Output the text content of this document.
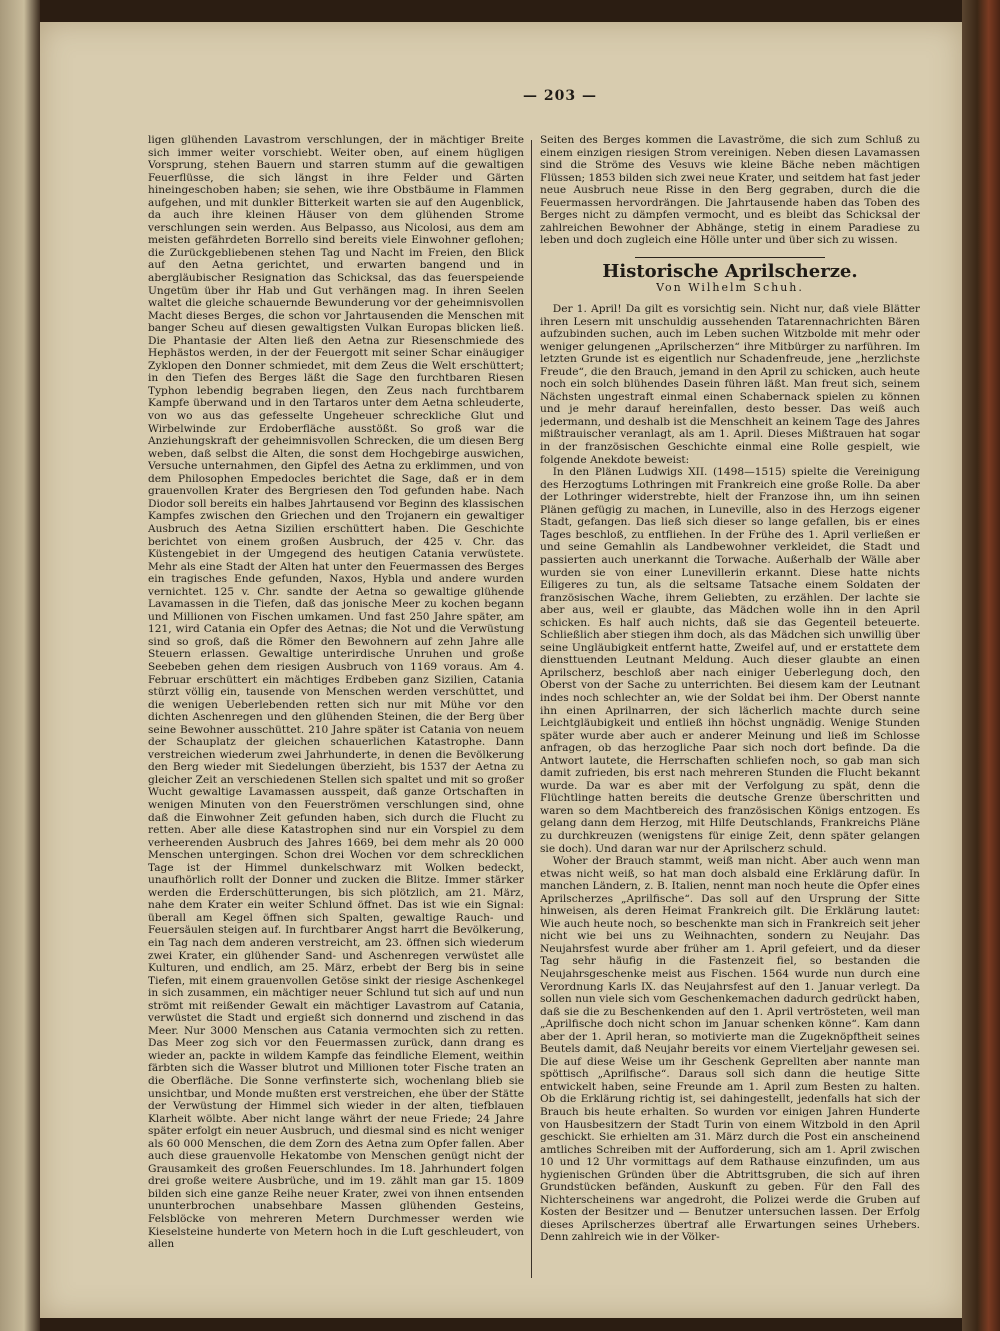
— 203 —

ligen glühenden Lavastrom verschlungen, der in mächtiger Breite sich immer weiter vorschiebt. Weiter oben, auf einem hügligen Vorsprung, stehen Bauern und starren stumm auf die gewaltigen Feuerflüsse, die sich längst in ihre Felder und Gärten hineingeschoben haben; sie sehen, wie ihre Obstbäume in Flammen aufgehen, und mit dunkler Bitterkeit warten sie auf den Augenblick, da auch ihre kleinen Häuser von dem glühenden Strome verschlungen sein werden. Aus Belpasso, aus Nicolosi, aus dem am meisten gefährdeten Borrello sind bereits viele Einwohner geflohen; die Zurückgebliebenen stehen Tag und Nacht im Freien, den Blick auf den Aetna gerichtet, und erwarten bangend und in abergläubischer Resignation das Schicksal, das das feuerspeiende Ungetüm über ihr Hab und Gut verhängen mag. In ihren Seelen waltet die gleiche schauernde Bewunderung vor der geheimnisvollen Macht dieses Berges, die schon vor Jahrtausenden die Menschen mit banger Scheu auf diesen gewaltigsten Vulkan Europas blicken ließ. Die Phantasie der Alten ließ den Aetna zur Riesenschmiede des Hephästos werden, in der der Feuergott mit seiner Schar einäugiger Zyklopen den Donner schmiedet, mit dem Zeus die Welt erschüttert; in den Tiefen des Berges läßt die Sage den furchtbaren Riesen Typhon lebendig begraben liegen, den Zeus nach furchtbarem Kampfe überwand und in den Tartaros unter dem Aetna schleuderte, von wo aus das gefesselte Ungeheuer schreckliche Glut und Wirbelwinde zur Erdoberfläche ausstößt. So groß war die Anziehungskraft der geheimnisvollen Schrecken, die um diesen Berg weben, daß selbst die Alten, die sonst dem Hochgebirge auswichen, Versuche unternahmen, den Gipfel des Aetna zu erklimmen, und von dem Philosophen Empedocles berichtet die Sage, daß er in dem grauenvollen Krater des Bergriesen den Tod gefunden habe. Nach Diodor soll bereits ein halbes Jahrtausend vor Beginn des klassischen Kampfes zwischen den Griechen und den Trojanern ein gewaltiger Ausbruch des Aetna Sizilien erschüttert haben. Die Geschichte berichtet von einem großen Ausbruch, der 425 v. Chr. das Küstengebiet in der Umgegend des heutigen Catania verwüstete. Mehr als eine Stadt der Alten hat unter den Feuermassen des Berges ein tragisches Ende gefunden, Naxos, Hybla und andere wurden vernichtet. 125 v. Chr. sandte der Aetna so gewaltige glühende Lavamassen in die Tiefen, daß das jonische Meer zu kochen begann und Millionen von Fischen umkamen. Und fast 250 Jahre später, am 121, wird Catania ein Opfer des Aetnas; die Not und die Verwüstung sind so groß, daß die Römer den Bewohnern auf zehn Jahre alle Steuern erlassen. Gewaltige unterirdische Unruhen und große Seebeben gehen dem riesigen Ausbruch von 1169 voraus. Am 4. Februar erschüttert ein mächtiges Erdbeben ganz Sizilien, Catania stürzt völlig ein, tausende von Menschen werden verschüttet, und die wenigen Ueberlebenden retten sich nur mit Mühe vor den dichten Aschenregen und den glühenden Steinen, die der Berg über seine Bewohner ausschüttet. 210 Jahre später ist Catania von neuem der Schauplatz der gleichen schauerlichen Katastrophe. Dann verstreichen wiederum zwei Jahrhunderte, in denen die Bevölkerung den Berg wieder mit Siedelungen überzieht, bis 1537 der Aetna zu gleicher Zeit an verschiedenen Stellen sich spaltet und mit so großer Wucht gewaltige Lavamassen ausspeit, daß ganze Ortschaften in wenigen Minuten von den Feuerströmen verschlungen sind, ohne daß die Einwohner Zeit gefunden haben, sich durch die Flucht zu retten. Aber alle diese Katastrophen sind nur ein Vorspiel zu dem verheerenden Ausbruch des Jahres 1669, bei dem mehr als 20 000 Menschen untergingen. Schon drei Wochen vor dem schrecklichen Tage ist der Himmel dunkelschwarz mit Wolken bedeckt, unaufhörlich rollt der Donner und zucken die Blitze. Immer stärker werden die Erderschütterungen, bis sich plötzlich, am 21. März, nahe dem Krater ein weiter Schlund öffnet. Das ist wie ein Signal: überall am Kegel öffnen sich Spalten, gewaltige Rauch- und Feuersäulen steigen auf. In furchtbarer Angst harrt die Bevölkerung, ein Tag nach dem anderen verstreicht, am 23. öffnen sich wiederum zwei Krater, ein glühender Sand- und Aschenregen verwüstet alle Kulturen, und endlich, am 25. März, erbebt der Berg bis in seine Tiefen, mit einem grauenvollen Getöse sinkt der riesige Aschenkegel in sich zusammen, ein mächtiger neuer Schlund tut sich auf und nun strömt mit reißender Gewalt ein mächtiger Lavastrom auf Catania, verwüstet die Stadt und ergießt sich donnernd und zischend in das Meer. Nur 3000 Menschen aus Catania vermochten sich zu retten. Das Meer zog sich vor den Feuermassen zurück, dann drang es wieder an, packte in wildem Kampfe das feindliche Element, weithin färbten sich die Wasser blutrot und Millionen toter Fische traten an die Oberfläche. Die Sonne verfinsterte sich, wochenlang blieb sie unsichtbar, und Monde mußten erst verstreichen, ehe über der Stätte der Verwüstung der Himmel sich wieder in der alten, tiefblauen Klarheit wölbte. Aber nicht lange währt der neue Friede; 24 Jahre später erfolgt ein neuer Ausbruch, und diesmal sind es nicht weniger als 60 000 Menschen, die dem Zorn des Aetna zum Opfer fallen. Aber auch diese grauenvolle Hekatombe von Menschen genügt nicht der Grausamkeit des großen Feuerschlundes. Im 18. Jahrhundert folgen drei große weitere Ausbrüche, und im 19. zählt man gar 15. 1809 bilden sich eine ganze Reihe neuer Krater, zwei von ihnen entsenden ununterbrochen unabsehbare Massen glühenden Gesteins, Felsblöcke von mehreren Metern Durchmesser werden wie Kieselsteine hunderte von Metern hoch in die Luft geschleudert, von allen

Seiten des Berges kommen die Lavaströme, die sich zum Schluß zu einem einzigen riesigen Strom vereinigen. Neben diesen Lavamassen sind die Ströme des Vesuvs wie kleine Bäche neben mächtigen Flüssen; 1853 bilden sich zwei neue Krater, und seitdem hat fast jeder neue Ausbruch neue Risse in den Berg gegraben, durch die die Feuermassen hervordrängen. Die Jahrtausende haben das Toben des Berges nicht zu dämpfen vermocht, und es bleibt das Schicksal der zahlreichen Bewohner der Abhänge, stetig in einem Paradiese zu leben und doch zugleich eine Hölle unter und über sich zu wissen.

Historische Aprilscherze.
Von Wilhelm Schuh.

Der 1. April! Da gilt es vorsichtig sein. Nicht nur, daß viele Blätter ihren Lesern mit unschuldig aussehenden Tatarennachrichten Bären aufzubinden suchen, auch im Leben suchen Witzbolde mit mehr oder weniger gelungenen „Aprilscherzen“ ihre Mitbürger zu narführen. Im letzten Grunde ist es eigentlich nur Schadenfreude, jene „herzlichste Freude“, die den Brauch, jemand in den April zu schicken, auch heute noch ein solch blühendes Dasein führen läßt. Man freut sich, seinem Nächsten ungestraft einmal einen Schabernack spielen zu können und je mehr darauf hereinfallen, desto besser. Das weiß auch jedermann, und deshalb ist die Menschheit an keinem Tage des Jahres mißtrauischer veranlagt, als am 1. April. Dieses Mißtrauen hat sogar in der französischen Geschichte einmal eine Rolle gespielt, wie folgende Anekdote beweist:

In den Plänen Ludwigs XII. (1498—1515) spielte die Vereinigung des Herzogtums Lothringen mit Frankreich eine große Rolle. Da aber der Lothringer widerstrebte, hielt der Franzose ihn, um ihn seinen Plänen gefügig zu machen, in Luneville, also in des Herzogs eigener Stadt, gefangen. Das ließ sich dieser so lange gefallen, bis er eines Tages beschloß, zu entfliehen. In der Frühe des 1. April verließen er und seine Gemahlin als Landbewohner verkleidet, die Stadt und passierten auch unerkannt die Torwache. Außerhalb der Wälle aber wurden sie von einer Lunevillerin erkannt. Diese hatte nichts Eiligeres zu tun, als die seltsame Tatsache einem Soldaten der französischen Wache, ihrem Geliebten, zu erzählen. Der lachte sie aber aus, weil er glaubte, das Mädchen wolle ihn in den April schicken. Es half auch nichts, daß sie das Gegenteil beteuerte. Schließlich aber stiegen ihm doch, als das Mädchen sich unwillig über seine Ungläubigkeit entfernt hatte, Zweifel auf, und er erstattete dem diensttuenden Leutnant Meldung. Auch dieser glaubte an einen Aprilscherz, beschloß aber nach einiger Ueberlegung doch, den Oberst von der Sache zu unterrichten. Bei diesem kam der Leutnant indes noch schlechter an, wie der Soldat bei ihm. Der Oberst nannte ihn einen Aprilnarren, der sich lächerlich machte durch seine Leichtgläubigkeit und entließ ihn höchst ungnädig. Wenige Stunden später wurde aber auch er anderer Meinung und ließ im Schlosse anfragen, ob das herzogliche Paar sich noch dort befinde. Da die Antwort lautete, die Herrschaften schliefen noch, so gab man sich damit zufrieden, bis erst nach mehreren Stunden die Flucht bekannt wurde. Da war es aber mit der Verfolgung zu spät, denn die Flüchtlinge hatten bereits die deutsche Grenze überschritten und waren so dem Machtbereich des französischen Königs entzogen. Es gelang dann dem Herzog, mit Hilfe Deutschlands, Frankreichs Pläne zu durchkreuzen (wenigstens für einige Zeit, denn später gelangen sie doch). Und daran war nur der Aprilscherz schuld.

Woher der Brauch stammt, weiß man nicht. Aber auch wenn man etwas nicht weiß, so hat man doch alsbald eine Erklärung dafür. In manchen Ländern, z. B. Italien, nennt man noch heute die Opfer eines Aprilscherzes „Aprilfische“. Das soll auf den Ursprung der Sitte hinweisen, als deren Heimat Frankreich gilt. Die Erklärung lautet: Wie auch heute noch, so beschenkte man sich in Frankreich seit jeher nicht wie bei uns zu Weihnachten, sondern zu Neujahr. Das Neujahrsfest wurde aber früher am 1. April gefeiert, und da dieser Tag sehr häufig in die Fastenzeit fiel, so bestanden die Neujahrsgeschenke meist aus Fischen. 1564 wurde nun durch eine Verordnung Karls IX. das Neujahrsfest auf den 1. Januar verlegt. Da sollen nun viele sich vom Geschenkemachen dadurch gedrückt haben, daß sie die zu Beschenkenden auf den 1. April vertrösteten, weil man „Aprilfische doch nicht schon im Januar schenken könne“. Kam dann aber der 1. April heran, so motivierte man die Zugeknöpftheit seines Beutels damit, daß Neujahr bereits vor einem Vierteljahr gewesen sei. Die auf diese Weise um ihr Geschenk Geprellten aber nannte man spöttisch „Aprilfische“. Daraus soll sich dann die heutige Sitte entwickelt haben, seine Freunde am 1. April zum Besten zu halten. Ob die Erklärung richtig ist, sei dahingestellt, jedenfalls hat sich der Brauch bis heute erhalten. So wurden vor einigen Jahren Hunderte von Hausbesitzern der Stadt Turin von einem Witzbold in den April geschickt. Sie erhielten am 31. März durch die Post ein anscheinend amtliches Schreiben mit der Aufforderung, sich am 1. April zwischen 10 und 12 Uhr vormittags auf dem Rathause einzufinden, um aus hygienischen Gründen über die Abtrittsgruben, die sich auf ihren Grundstücken befänden, Auskunft zu geben. Für den Fall des Nichterscheinens war angedroht, die Polizei werde die Gruben auf Kosten der Besitzer und — Benutzer untersuchen lassen. Der Erfolg dieses Aprilscherzes übertraf alle Erwartungen seines Urhebers. Denn zahlreich wie in der Völker-
